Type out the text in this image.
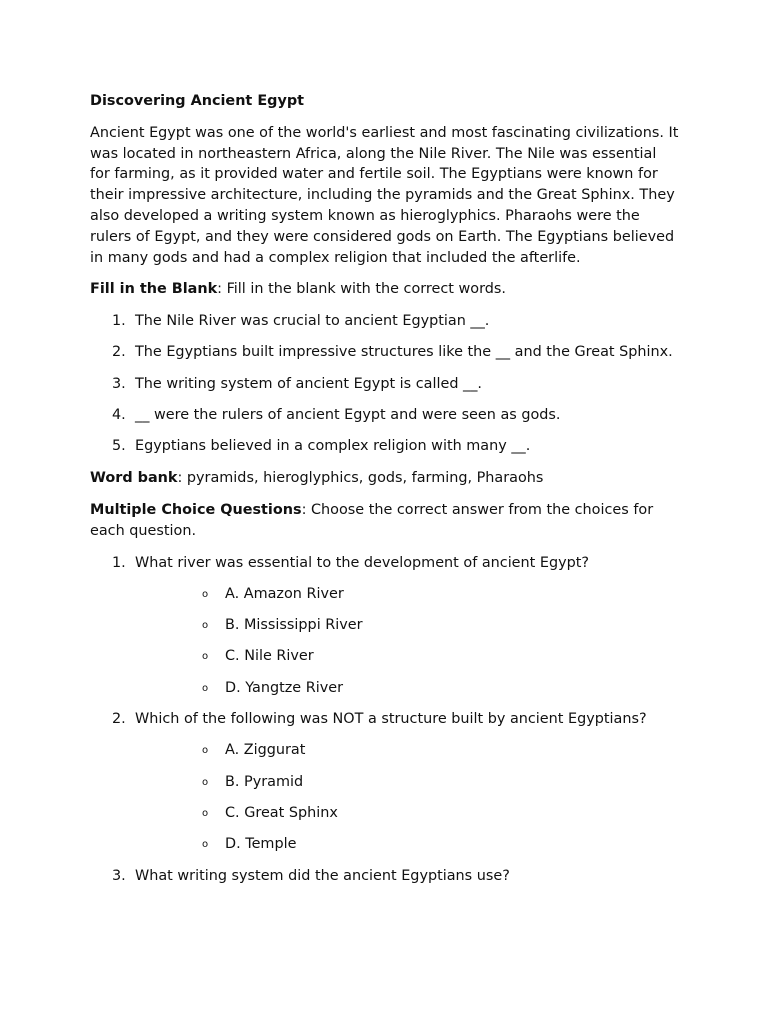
Discovering Ancient Egypt

Ancient Egypt was one of the world's earliest and most fascinating civilizations. It was located in northeastern Africa, along the Nile River. The Nile was essential for farming, as it provided water and fertile soil. The Egyptians were known for their impressive architecture, including the pyramids and the Great Sphinx. They also developed a writing system known as hieroglyphics. Pharaohs were the rulers of Egypt, and they were considered gods on Earth. The Egyptians believed in many gods and had a complex religion that included the afterlife.

Fill in the Blank: Fill in the blank with the correct words.

1. The Nile River was crucial to ancient Egyptian __.
2. The Egyptians built impressive structures like the __ and the Great Sphinx.
3. The writing system of ancient Egypt is called __.
4. __ were the rulers of ancient Egypt and were seen as gods.
5. Egyptians believed in a complex religion with many __.

Word bank: pyramids, hieroglyphics, gods, farming, Pharaohs

Multiple Choice Questions: Choose the correct answer from the choices for each question.

1. What river was essential to the development of ancient Egypt?
o A. Amazon River
o B. Mississippi River
o C. Nile River
o D. Yangtze River
2. Which of the following was NOT a structure built by ancient Egyptians?
o A. Ziggurat
o B. Pyramid
o C. Great Sphinx
o D. Temple
3. What writing system did the ancient Egyptians use?
